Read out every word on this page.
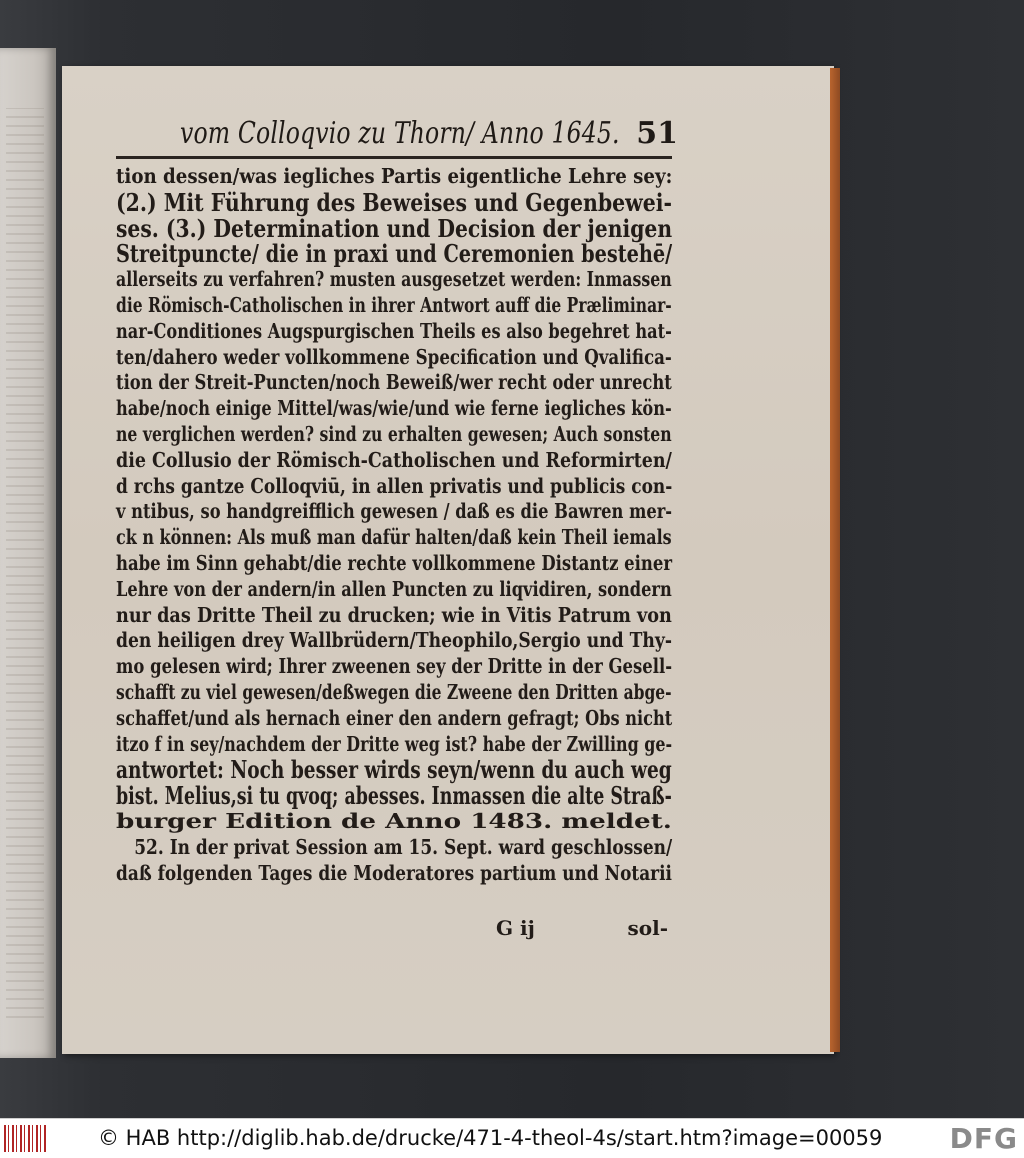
vom Colloqvio zu Thorn/ Anno 1645. 51
tion dessen/was iegliches Partis eigentliche Lehre sey:
(2.) Mit Führung des Beweises und Gegenbewei-
ses. (3.) Determination und Decision der jenigen
Streitpuncte/ die in praxi und Ceremonien bestehē/
allerseits zu verfahren? musten ausgesetzet werden: Inmassen
die Römisch-Catholischen in ihrer Antwort auff die Præliminar-
nar-Conditiones Augspurgischen Theils es also begehret hat-
ten/dahero weder vollkommene Specification und Qvalifica-
tion der Streit-Puncten/noch Beweiß/wer recht oder unrecht
habe/noch einige Mittel/was/wie/und wie ferne iegliches kön-
ne verglichen werden? sind zu erhalten gewesen; Auch sonsten
die Collusio der Römisch-Catholischen und Reformirten/
d rchs gantze Colloqviū, in allen privatis und publicis con-
v ntibus, so handgreifflich gewesen / daß es die Bawren mer-
ck n können: Als muß man dafür halten/daß kein Theil iemals
habe im Sinn gehabt/die rechte vollkommene Distantz einer
Lehre von der andern/in allen Puncten zu liqvidiren, sondern
nur das Dritte Theil zu drucken; wie in Vitis Patrum von
den heiligen drey Wallbrüdern/Theophilo,Sergio und Thy-
mo gelesen wird; Ihrer zweenen sey der Dritte in der Gesell-
schafft zu viel gewesen/deßwegen die Zweene den Dritten abge-
schaffet/und als hernach einer den andern gefragt; Obs nicht
itzo f in sey/nachdem der Dritte weg ist? habe der Zwilling ge-
antwortet: Noch besser wirds seyn/wenn du auch weg
bist. Melius,si tu qvoq; abesses. Inmassen die alte Straß-
burger Edition de Anno 1483. meldet.
52. In der privat Session am 15. Sept. ward geschlossen/
daß folgenden Tages die Moderatores partium und Notarii
G ij	sol-
© HAB http://diglib.hab.de/drucke/471-4-theol-4s/start.htm?image=00059 DFG
